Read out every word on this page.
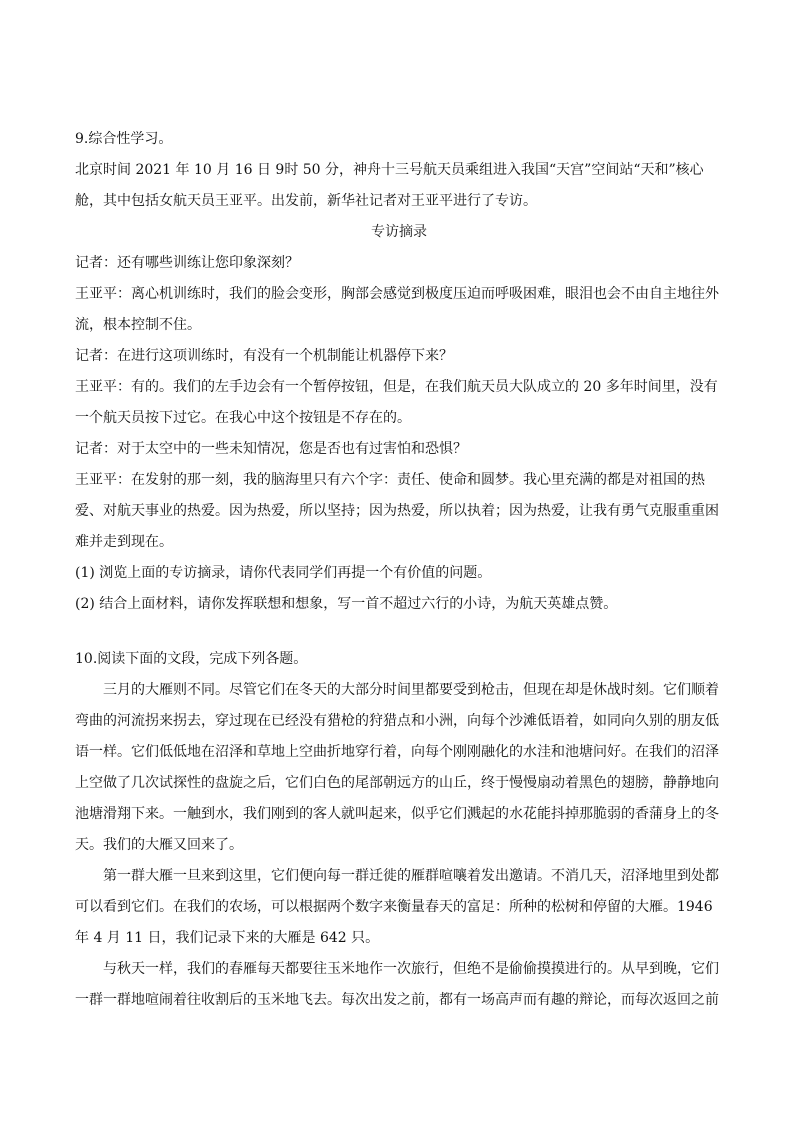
9.综合性学习。

北京时间 2021 年 10 月 16 日 9时 50 分，神舟十三号航天员乘组进入我国“天宫”空间站“天和”核心

舱，其中包括女航天员王亚平。出发前，新华社记者对王亚平进行了专访。

专访摘录

记者：还有哪些训练让您印象深刻？

王亚平：离心机训练时，我们的脸会变形，胸部会感觉到极度压迫而呼吸困难，眼泪也会不由自主地往外

流，根本控制不住。

记者：在进行这项训练时，有没有一个机制能让机器停下来？

王亚平：有的。我们的左手边会有一个暂停按钮，但是，在我们航天员大队成立的 20 多年时间里，没有

一个航天员按下过它。在我心中这个按钮是不存在的。

记者：对于太空中的一些未知情况，您是否也有过害怕和恐惧？

王亚平：在发射的那一刻，我的脑海里只有六个字：责任、使命和圆梦。我心里充满的都是对祖国的热

爱、对航天事业的热爱。因为热爱，所以坚持；因为热爱，所以执着；因为热爱，让我有勇气克服重重困

难并走到现在。

(1) 浏览上面的专访摘录，请你代表同学们再提一个有价值的问题。

(2) 结合上面材料，请你发挥联想和想象，写一首不超过六行的小诗，为航天英雄点赞。

10.阅读下面的文段，完成下列各题。

三月的大雁则不同。尽管它们在冬天的大部分时间里都要受到枪击，但现在却是休战时刻。它们顺着

弯曲的河流拐来拐去，穿过现在已经没有猎枪的狩猎点和小洲，向每个沙滩低语着，如同向久别的朋友低

语一样。它们低低地在沼泽和草地上空曲折地穿行着，向每个刚刚融化的水洼和池塘问好。在我们的沼泽

上空做了几次试探性的盘旋之后，它们白色的尾部朝远方的山丘，终于慢慢扇动着黑色的翅膀，静静地向

池塘滑翔下来。一触到水，我们刚到的客人就叫起来，似乎它们溅起的水花能抖掉那脆弱的香蒲身上的冬

天。我们的大雁又回来了。

第一群大雁一旦来到这里，它们便向每一群迁徙的雁群喧嚷着发出邀请。不消几天，沼泽地里到处都

可以看到它们。在我们的农场，可以根据两个数字来衡量春天的富足：所种的松树和停留的大雁。1946

年 4 月 11 日，我们记录下来的大雁是 642 只。

与秋天一样，我们的春雁每天都要往玉米地作一次旅行，但绝不是偷偷摸摸进行的。从早到晚，它们

一群一群地喧闹着往收割后的玉米地飞去。每次出发之前，都有一场高声而有趣的辩论，而每次返回之前
